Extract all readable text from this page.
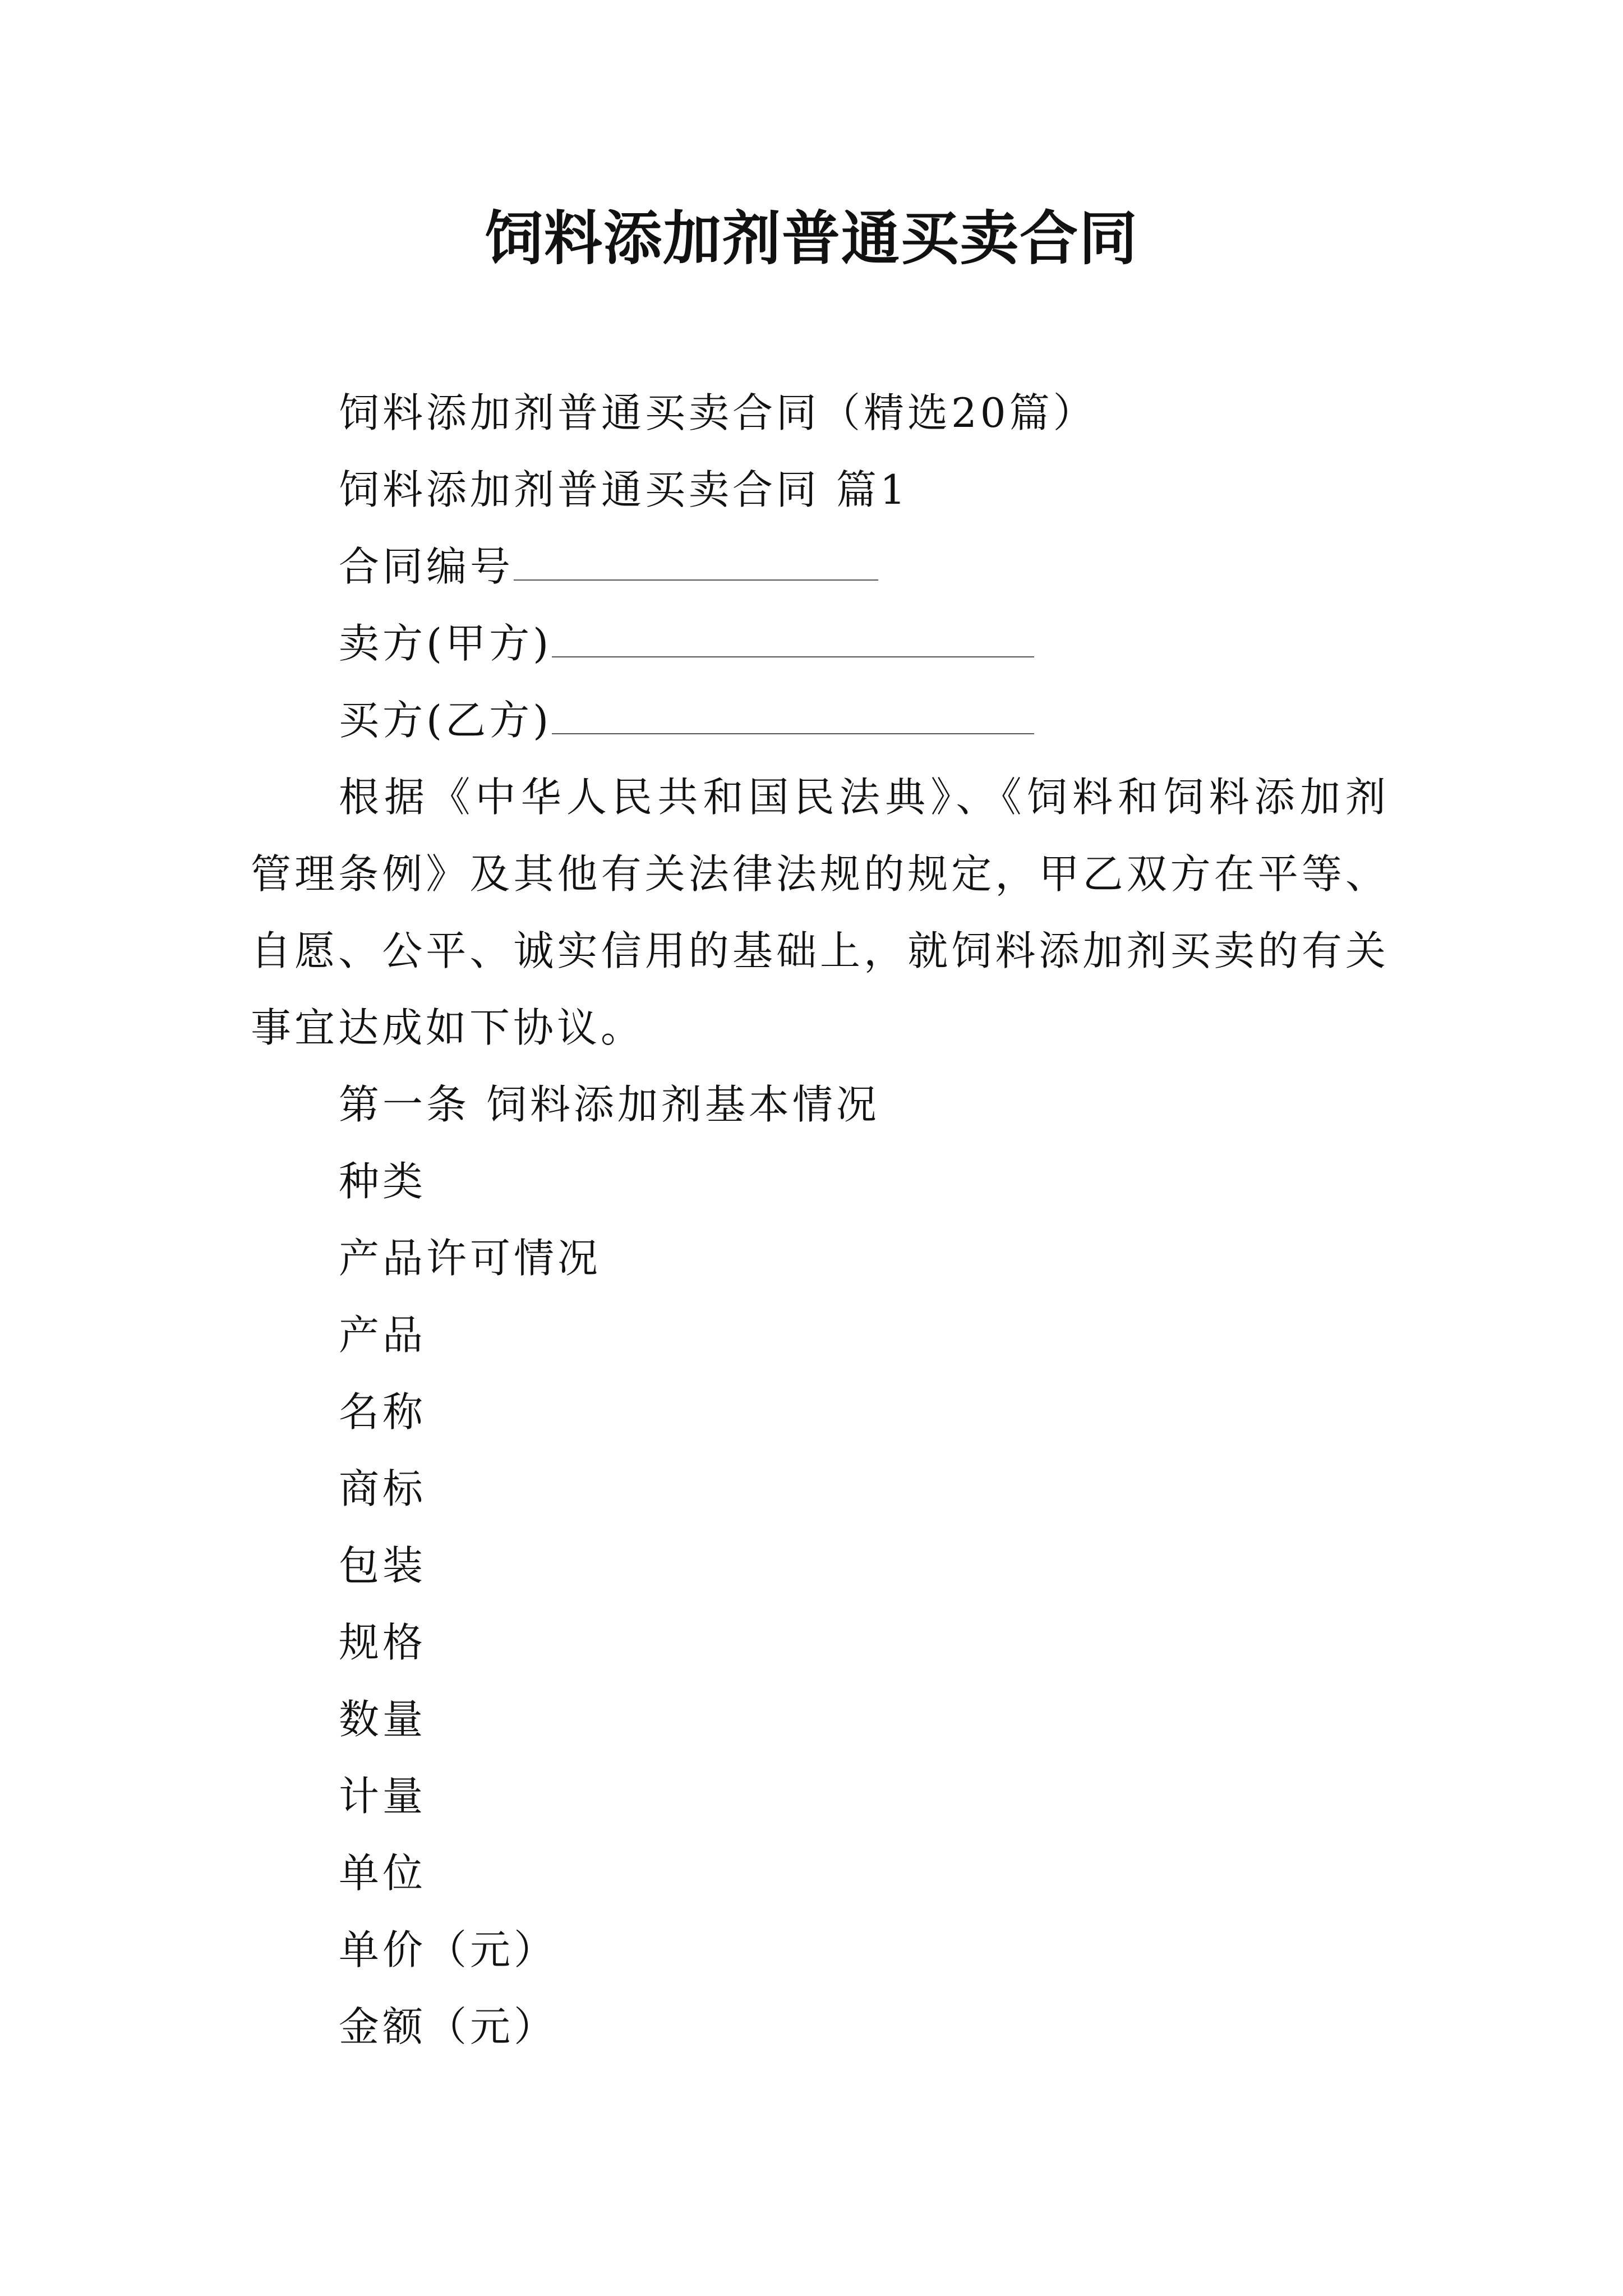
饲料添加剂普通买卖合同

饲料添加剂普通买卖合同（精选20篇）

饲料添加剂普通买卖合同 篇1

合同编号

卖方(甲方)

买方(乙方)

根据《中华人民共和国民法典》、《饲料和饲料添加剂管理条例》及其他有关法律法规的规定，甲乙双方在平等、自愿、公平、诚实信用的基础上，就饲料添加剂买卖的有关事宜达成如下协议。

第一条 饲料添加剂基本情况

种类

产品许可情况

产品

名称

商标

包装

规格

数量

计量

单位

单价（元）

金额（元）
